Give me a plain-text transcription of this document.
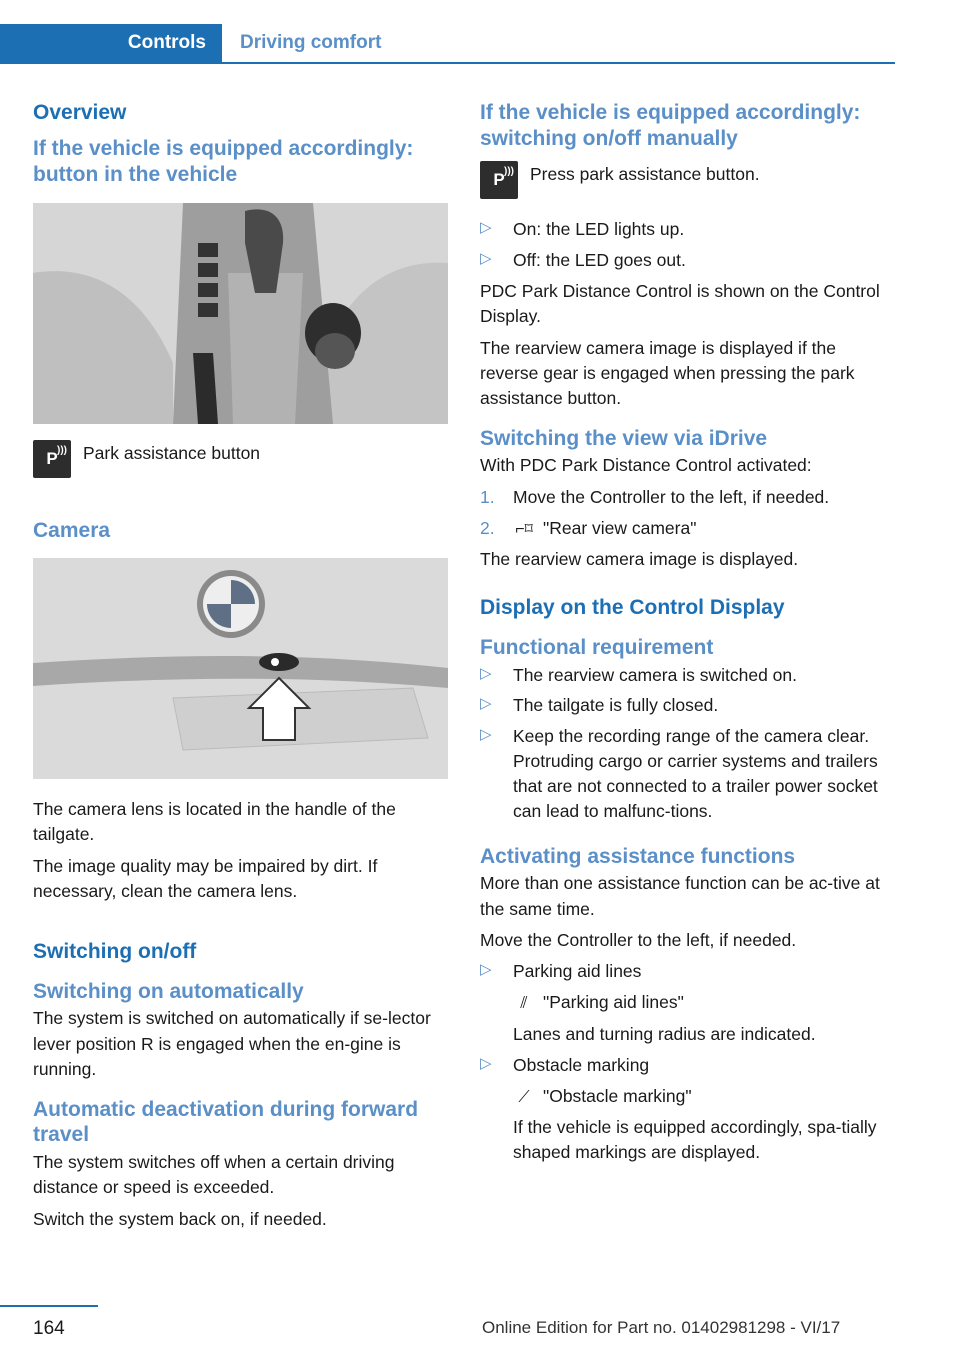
Controls	Driving comfort
Overview
If the vehicle is equipped accordingly: button in the vehicle
P ))) Park assistance button
Camera

The camera lens is located in the handle of the tailgate.

The image quality may be impaired by dirt. If necessary, clean the camera lens.

Switching on/off
Switching on automatically

The system is switched on automatically if se‐lector lever position R is engaged when the en‐gine is running.

Automatic deactivation during forward travel

The system switches off when a certain driving distance or speed is exceeded.

Switch the system back on, if needed.

If the vehicle is equipped accordingly: switching on/off manually
P ))) Press park assistance button.
▷ On: the LED lights up.
▷ Off: the LED goes out.

PDC Park Distance Control is shown on the Control Display.

The rearview camera image is displayed if the reverse gear is engaged when pressing the park assistance button.

Switching the view via iDrive

With PDC Park Distance Control activated:

1. Move the Controller to the left, if needed.
2. ⌐⌑ "Rear view camera"

The rearview camera image is displayed.

Display on the Control Display
Functional requirement
▷ The rearview camera is switched on.
▷ The tailgate is fully closed.
▷ Keep the recording range of the camera clear. Protruding cargo or carrier systems and trailers that are not connected to a trailer power socket can lead to malfunc‐tions.
Activating assistance functions

More than one assistance function can be ac‐tive at the same time.

Move the Controller to the left, if needed.

▷ Parking aid lines
⫽ "Parking aid lines"
Lanes and turning radius are indicated.
▷ Obstacle marking
⟋ "Obstacle marking"
If the vehicle is equipped accordingly, spa‐tially shaped markings are displayed.
164	Online Edition for Part no. 01402981298 - VI/17
